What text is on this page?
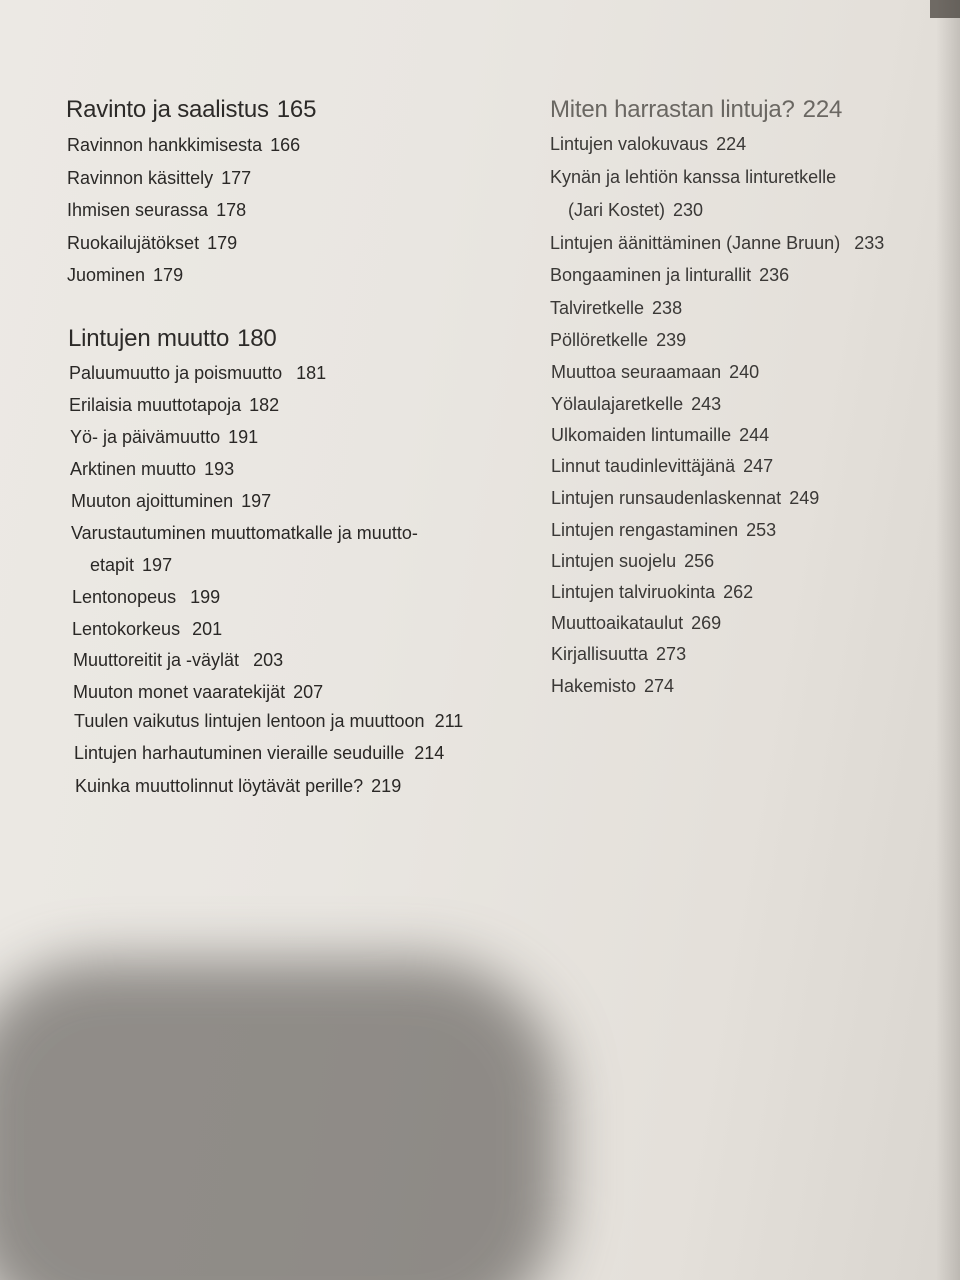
Ravinto ja saalistus 165
Ravinnon hankkimisesta 166
Ravinnon käsittely 177
Ihmisen seurassa 178
Ruokailujätökset 179
Juominen 179
Lintujen muutto 180
Paluumuutto ja poismuutto 181
Erilaisia muuttotapoja 182
Yö- ja päivämuutto 191
Arktinen muutto 193
Muuton ajoittuminen 197
Varustautuminen muuttomatkalle ja muutto-
etapit 197
Lentonopeus 199
Lentokorkeus 201
Muuttoreitit ja -väylät 203
Muuton monet vaaratekijät 207
Tuulen vaikutus lintujen lentoon ja muuttoon 211
Lintujen harhautuminen vieraille seuduille 214
Kuinka muuttolinnut löytävät perille? 219
Miten harrastan lintuja? 224
Lintujen valokuvaus 224
Kynän ja lehtiön kanssa linturetkelle
(Jari Kostet) 230
Lintujen äänittäminen (Janne Bruun) 233
Bongaaminen ja linturallit 236
Talviretkelle 238
Pöllöretkelle 239
Muuttoa seuraamaan 240
Yölaulajaretkelle 243
Ulkomaiden lintumaille 244
Linnut taudinlevittäjänä 247
Lintujen runsaudenlaskennat 249
Lintujen rengastaminen 253
Lintujen suojelu 256
Lintujen talviruokinta 262
Muuttoaikataulut 269
Kirjallisuutta 273
Hakemisto 274
